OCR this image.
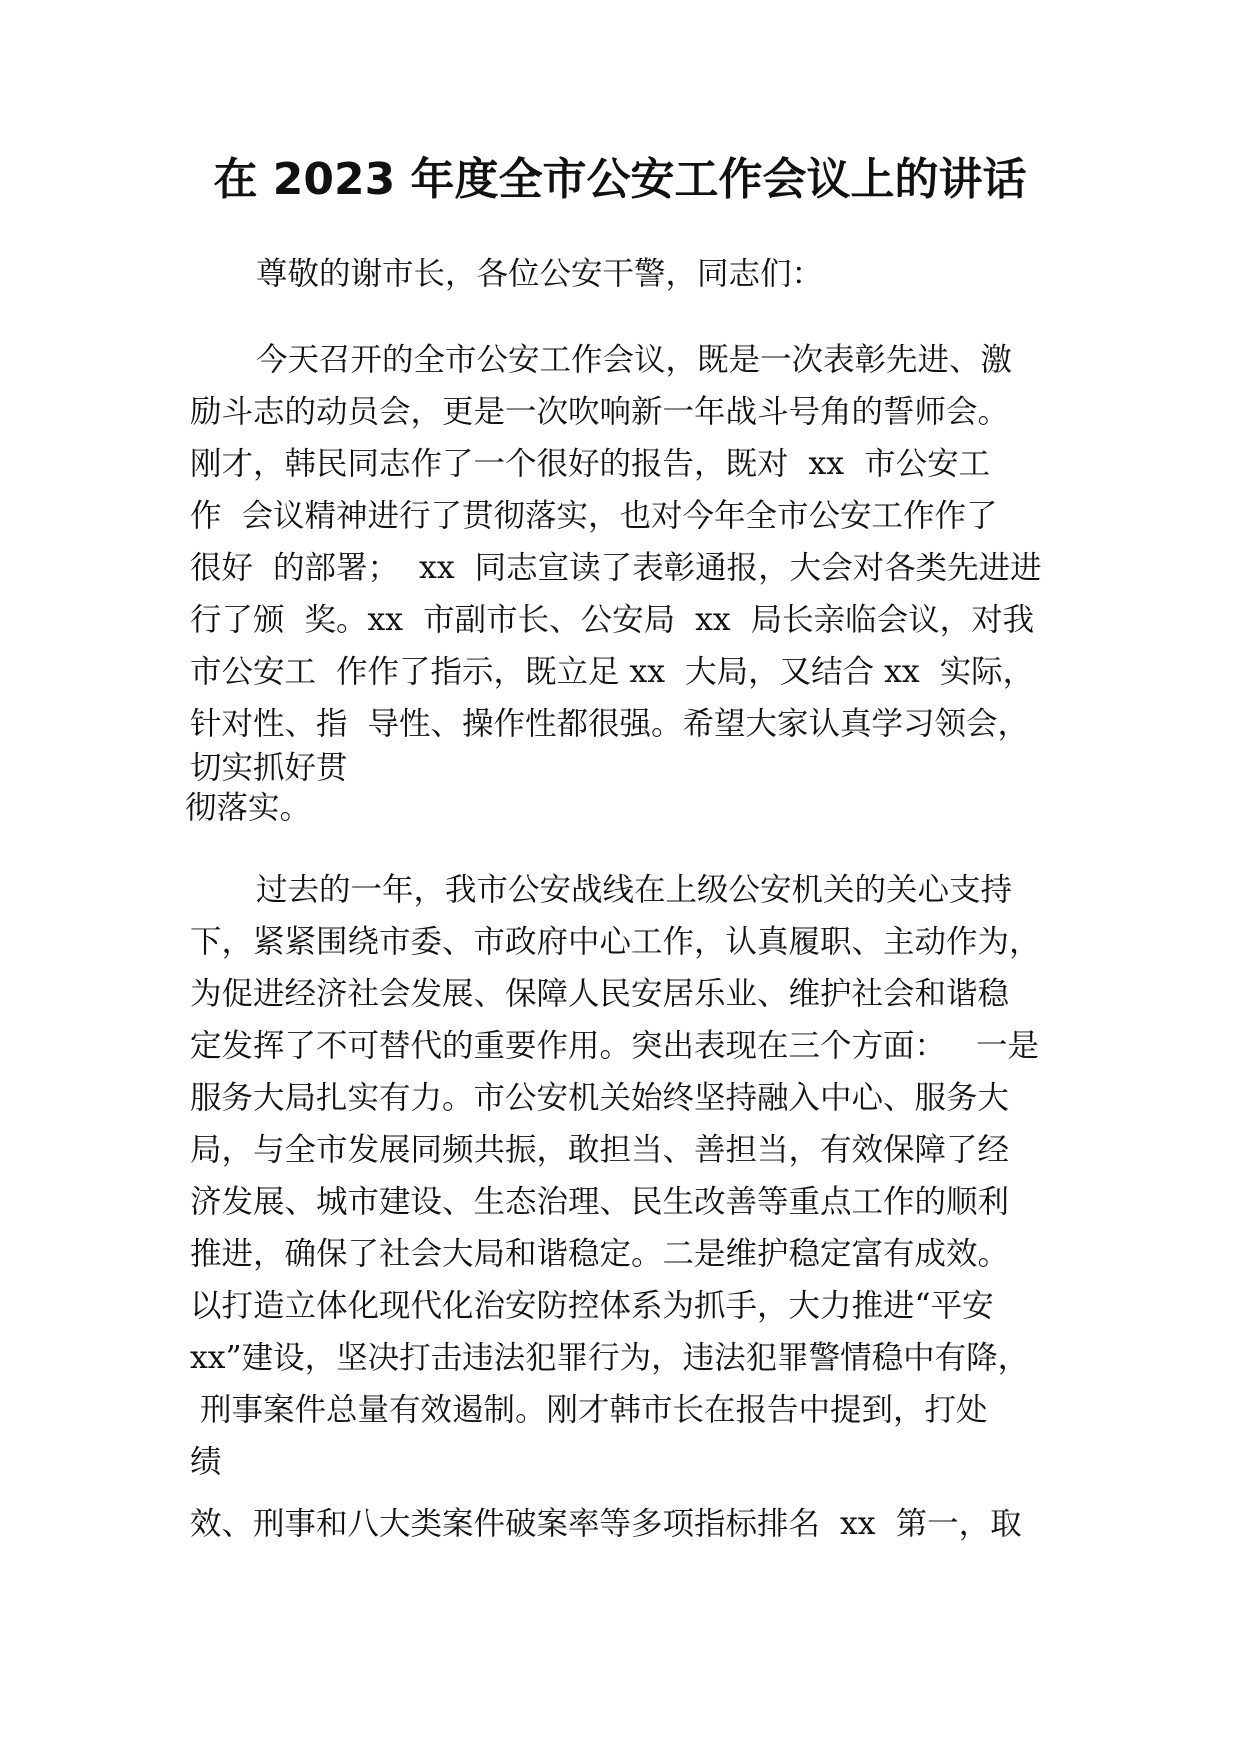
在 2023 年度全市公安工作会议上的讲话
尊敬的谢市长，各位公安干警，同志们：
今天召开的全市公安工作会议，既是一次表彰先进、激
励斗志的动员会，更是一次吹响新一年战斗号角的誓师会。
刚才，韩民同志作了一个很好的报告，既对  xx  市公安工
作  会议精神进行了贯彻落实，也对今年全市公安工作作了
很好  的部署；  xx  同志宣读了表彰通报，大会对各类先进进
行了颁  奖。xx  市副市长、公安局  xx  局长亲临会议，对我
市公安工  作作了指示，既立足 xx  大局，又结合 xx  实际，
针对性、指  导性、操作性都很强。希望大家认真学习领会，
切实抓好贯
彻落实。
过去的一年，我市公安战线在上级公安机关的关心支持
下，紧紧围绕市委、市政府中心工作，认真履职、主动作为，
为促进经济社会发展、保障人民安居乐业、维护社会和谐稳
定发挥了不可替代的重要作用。突出表现在三个方面：   一是
服务大局扎实有力。市公安机关始终坚持融入中心、服务大
局，与全市发展同频共振，敢担当、善担当，有效保障了经
济发展、城市建设、生态治理、民生改善等重点工作的顺利
推进，确保了社会大局和谐稳定。二是维护稳定富有成效。
以打造立体化现代化治安防控体系为抓手，大力推进“平安
xx”建设，坚决打击违法犯罪行为，违法犯罪警情稳中有降，
刑事案件总量有效遏制。刚才韩市长在报告中提到，打处
绩
效、刑事和八大类案件破案率等多项指标排名  xx  第一，取
